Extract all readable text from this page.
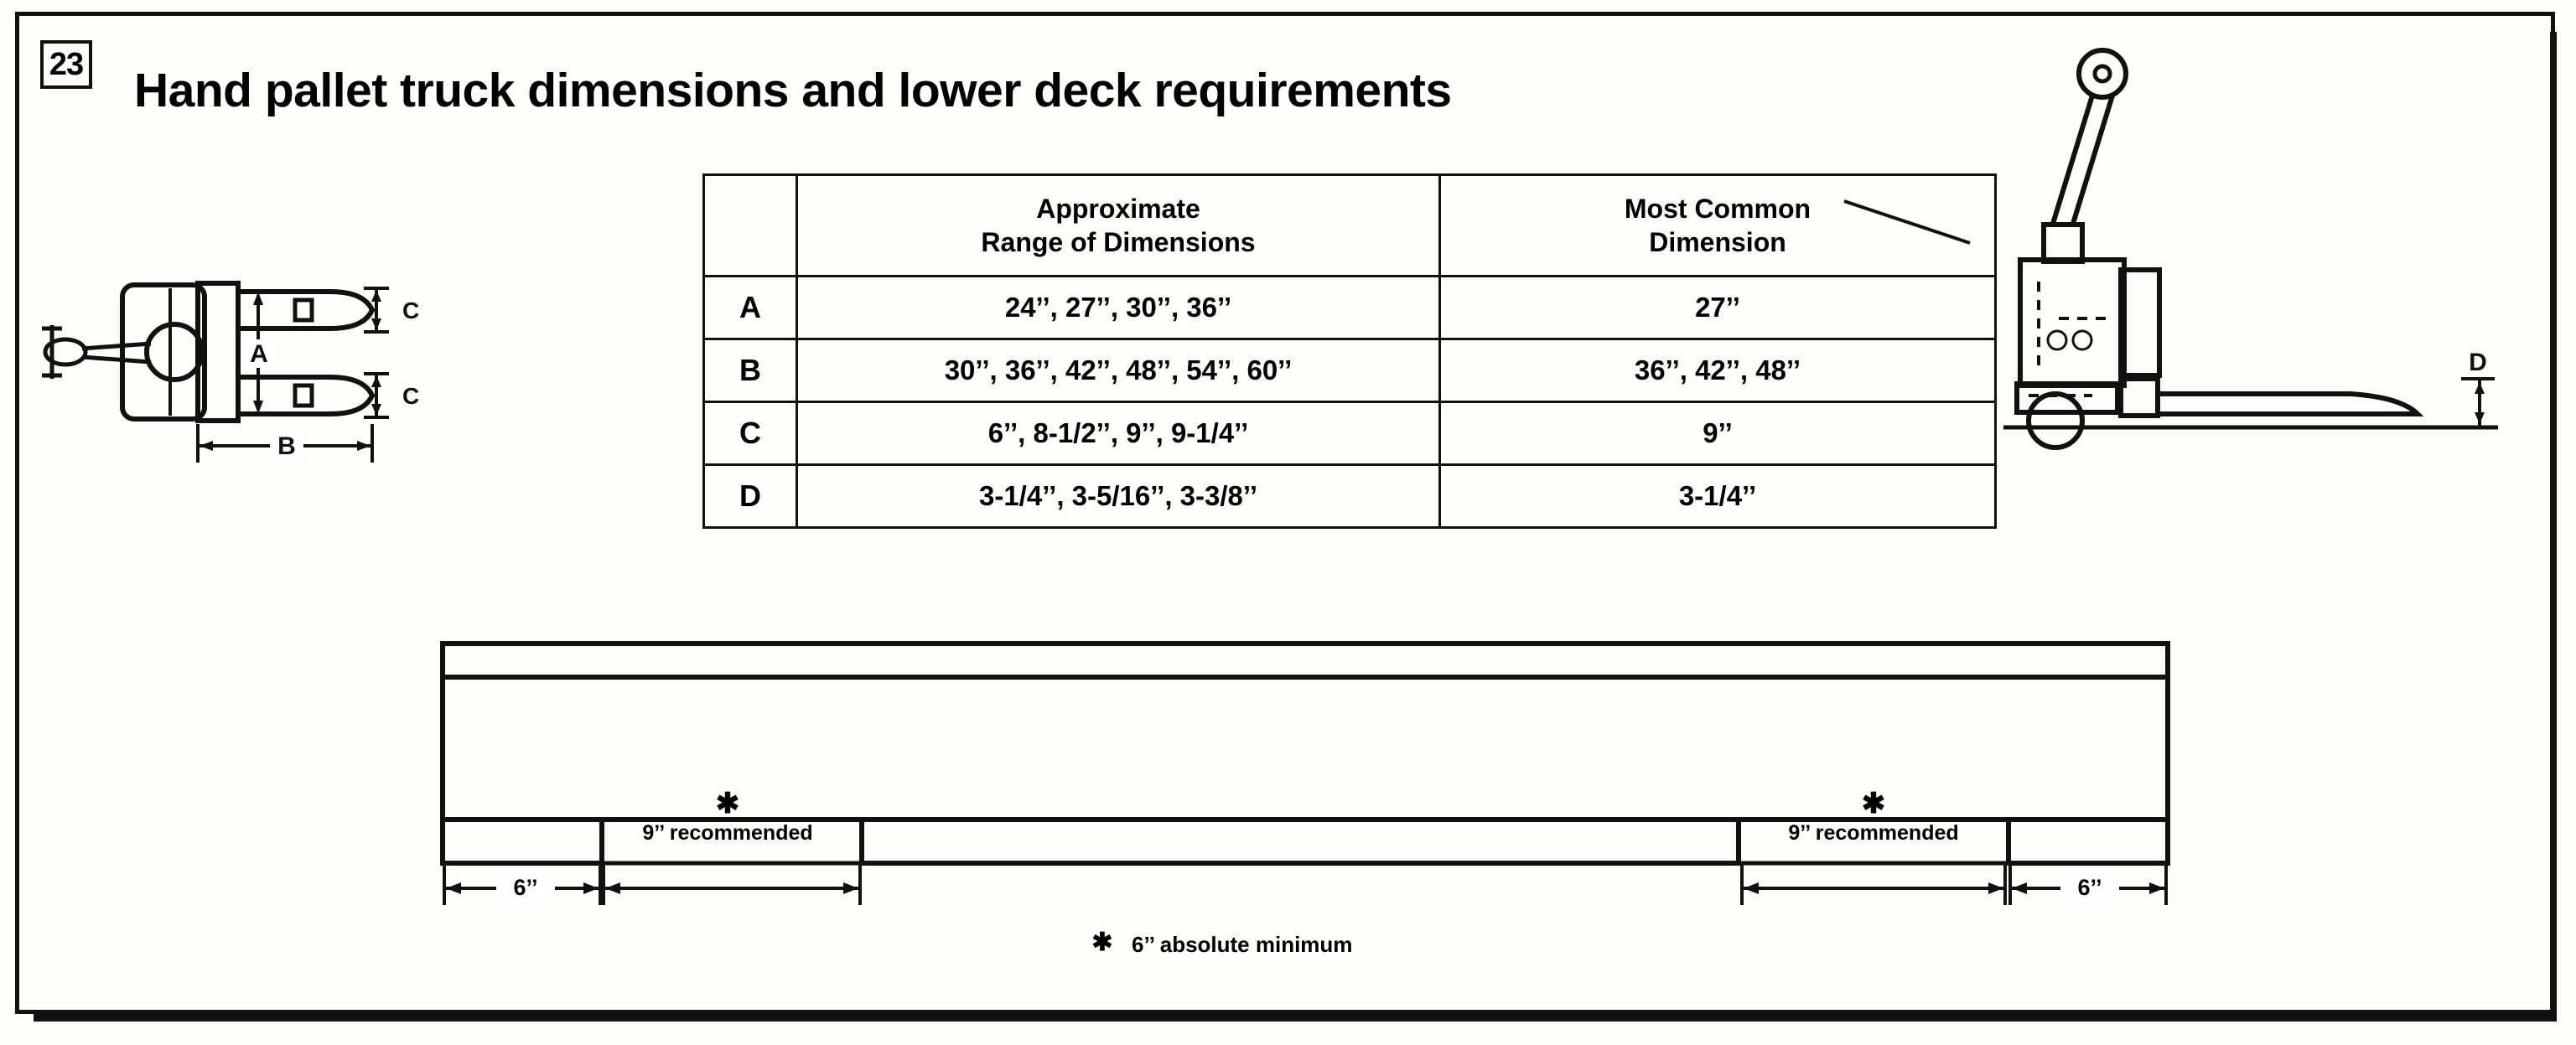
23 Hand pallet truck dimensions and lower deck requirements

Approximate
Range of Dimensions

Most Common
Dimension

A	24’’, 27’’, 30’’, 36’’	27’’
B	30’’, 36’’, 42’’, 48’’, 54’’, 60’’	36’’, 42’’, 48’’
C	6’’, 8-1/2’’, 9’’, 9-1/4’’	9’’
D	3-1/4’’, 3-5/16’’, 3-3/8’’	3-1/4’’
A
C
C
B
D
✱
9’’ recommended
6’’
✱
9’’ recommended
6’’
✱ 6’’ absolute minimum
